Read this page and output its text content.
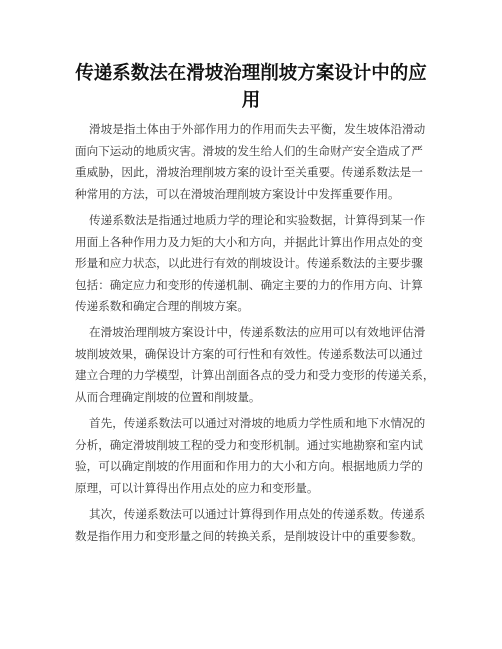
传递系数法在滑坡治理削坡方案设计中的应
用
滑坡是指土体由于外部作用力的作用而失去平衡，发生坡体沿滑动
面向下运动的地质灾害。滑坡的发生给人们的生命财产安全造成了严
重威胁，因此，滑坡治理削坡方案的设计至关重要。传递系数法是一
种常用的方法，可以在滑坡治理削坡方案设计中发挥重要作用。
传递系数法是指通过地质力学的理论和实验数据，计算得到某一作
用面上各种作用力及力矩的大小和方向，并据此计算出作用点处的变
形量和应力状态，以此进行有效的削坡设计。传递系数法的主要步骤
包括：确定应力和变形的传递机制、确定主要的力的作用方向、计算
传递系数和确定合理的削坡方案。
在滑坡治理削坡方案设计中，传递系数法的应用可以有效地评估滑
坡削坡效果，确保设计方案的可行性和有效性。传递系数法可以通过
建立合理的力学模型，计算出剖面各点的受力和受力变形的传递关系，
从而合理确定削坡的位置和削坡量。
首先，传递系数法可以通过对滑坡的地质力学性质和地下水情况的
分析，确定滑坡削坡工程的受力和变形机制。通过实地勘察和室内试
验，可以确定削坡的作用面和作用力的大小和方向。根据地质力学的
原理，可以计算得出作用点处的应力和变形量。
其次，传递系数法可以通过计算得到作用点处的传递系数。传递系
数是指作用力和变形量之间的转换关系，是削坡设计中的重要参数。
